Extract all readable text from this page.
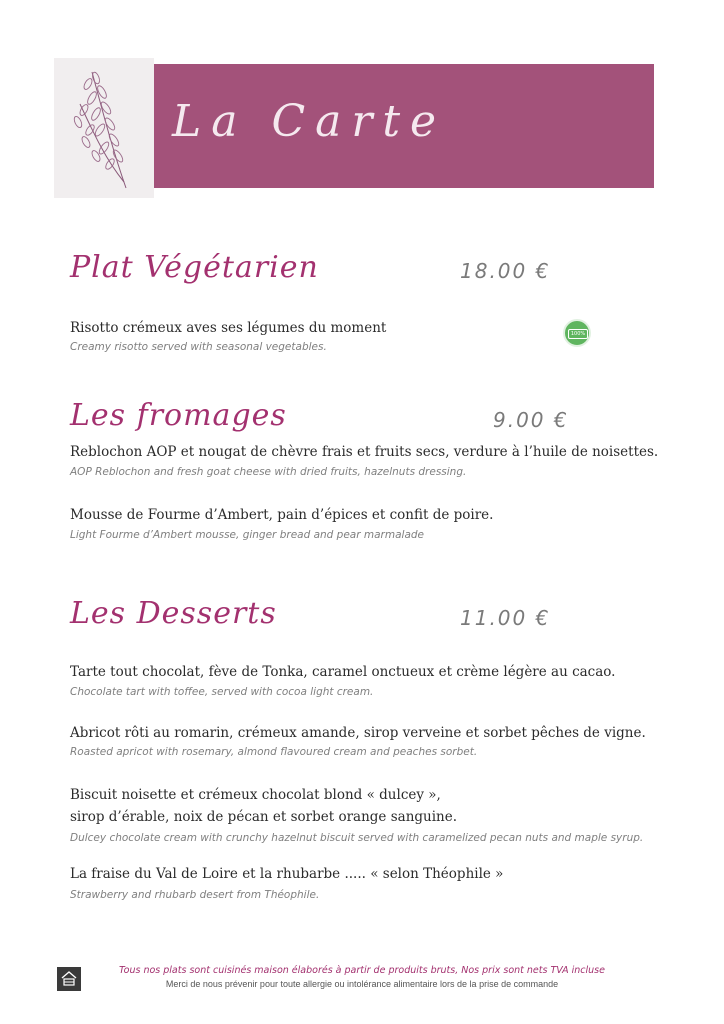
La Carte
Plat Végétarien	18.00 €
Risotto crémeux aves ses légumes du moment
Creamy risotto served with seasonal vegetables.
100%
Les fromages	9.00 €
Reblochon AOP et nougat de chèvre frais et fruits secs, verdure à l’huile de noisettes.
AOP Reblochon and fresh goat cheese with dried fruits, hazelnuts dressing.
Mousse de Fourme d’Ambert, pain d’épices et confit de poire.
Light Fourme d’Ambert mousse, ginger bread and pear marmalade
Les Desserts	11.00 €
Tarte tout chocolat, fève de Tonka, caramel onctueux et crème légère au cacao.
Chocolate tart with toffee, served with cocoa light cream.
Abricot rôti au romarin, crémeux amande, sirop verveine et sorbet pêches de vigne.
Roasted apricot with rosemary, almond flavoured cream and peaches sorbet.
Biscuit noisette et crémeux chocolat blond « dulcey »,
sirop d’érable, noix de pécan et sorbet orange sanguine.
Dulcey chocolate cream with crunchy hazelnut biscuit served with caramelized pecan nuts and maple syrup.
La fraise du Val de Loire et la rhubarbe ..... « selon Théophile »
Strawberry and rhubarb desert from Théophile.
Tous nos plats sont cuisinés maison élaborés à partir de produits bruts, Nos prix sont nets TVA incluse
Merci de nous prévenir pour toute allergie ou intolérance alimentaire lors de la prise de commande
